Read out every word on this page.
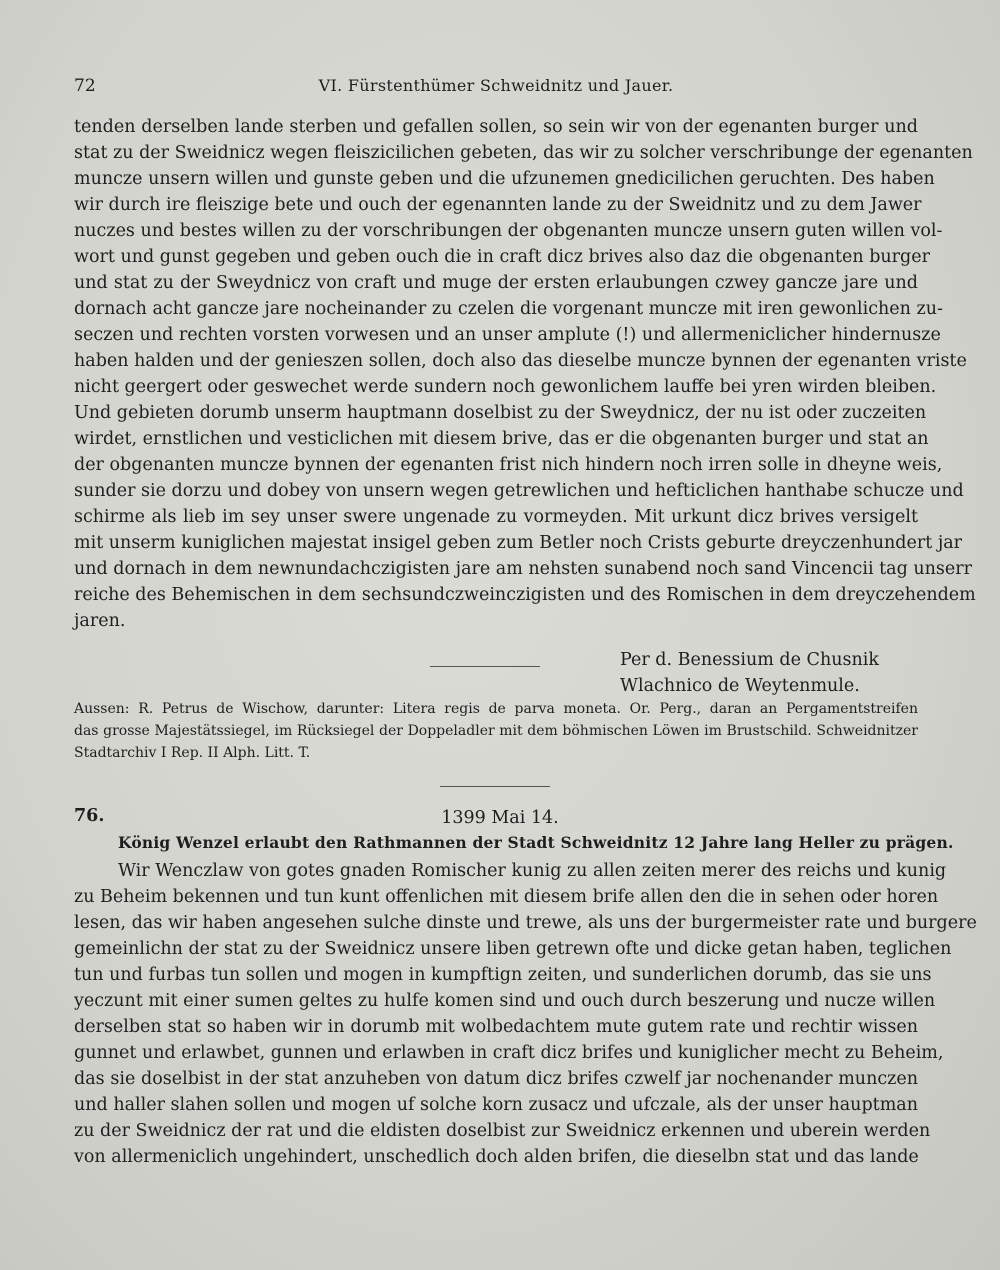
72	VI. Fürstenthümer Schweidnitz und Jauer.
tenden derselben lande sterben und gefallen sollen, so sein wir von der egenanten burger und
stat zu der Sweidnicz wegen fleiszicilichen gebeten, das wir zu solcher verschribunge der egenanten
muncze unsern willen und gunste geben und die ufzunemen gnedicilichen geruchten. Des haben
wir durch ire fleiszige bete und ouch der egenannten lande zu der Sweidnitz und zu dem Jawer
nuczes und bestes willen zu der vorschribungen der obgenanten muncze unsern guten willen vol-
wort und gunst gegeben und geben ouch die in craft dicz brives also daz die obgenanten burger
und stat zu der Sweydnicz von craft und muge der ersten erlaubungen czwey gancze jare und
dornach acht gancze jare nocheinander zu czelen die vorgenant muncze mit iren gewonlichen zu-
seczen und rechten vorsten vorwesen und an unser amplute (!) und allermeniclicher hindernusze
haben halden und der genieszen sollen, doch also das dieselbe muncze bynnen der egenanten vriste
nicht geergert oder geswechet werde sundern noch gewonlichem lauffe bei yren wirden bleiben.
Und gebieten dorumb unserm hauptmann doselbist zu der Sweydnicz, der nu ist oder zuczeiten
wirdet, ernstlichen und vesticlichen mit diesem brive, das er die obgenanten burger und stat an
der obgenanten muncze bynnen der egenanten frist nich hindern noch irren solle in dheyne weis,
sunder sie dorzu und dobey von unsern wegen getrewlichen und hefticlichen hanthabe schucze und
schirme als lieb im sey unser swere ungenade zu vormeyden. Mit urkunt dicz brives versigelt
mit unserm kuniglichen majestat insigel geben zum Betler noch Crists geburte dreyczenhundert jar
und dornach in dem newnundachczigisten jare am nehsten sunabend noch sand Vincencii tag unserr
reiche des Behemischen in dem sechsundczweinczigisten und des Romischen in dem dreyczehendem
jaren.
Per d. Benessium de Chusnik
Wlachnico de Weytenmule.
Aussen: R. Petrus de Wischow, darunter: Litera regis de parva moneta. Or. Perg., daran an Pergamentstreifen
das grosse Majestätssiegel, im Rücksiegel der Doppeladler mit dem böhmischen Löwen im Brustschild. Schweidnitzer
Stadtarchiv I Rep. II Alph. Litt. T.
76.	1399 Mai 14.
König Wenzel erlaubt den Rathmannen der Stadt Schweidnitz 12 Jahre lang Heller zu prägen.
Wir Wenczlaw von gotes gnaden Romischer kunig zu allen zeiten merer des reichs und kunig
zu Beheim bekennen und tun kunt offenlichen mit diesem brife allen den die in sehen oder horen
lesen, das wir haben angesehen sulche dinste und trewe, als uns der burgermeister rate und burgere
gemeinlichn der stat zu der Sweidnicz unsere liben getrewn ofte und dicke getan haben, teglichen
tun und furbas tun sollen und mogen in kumpftign zeiten, und sunderlichen dorumb, das sie uns
yeczunt mit einer sumen geltes zu hulfe komen sind und ouch durch beszerung und nucze willen
derselben stat so haben wir in dorumb mit wolbedachtem mute gutem rate und rechtir wissen
gunnet und erlawbet, gunnen und erlawben in craft dicz brifes und kuniglicher mecht zu Beheim,
das sie doselbist in der stat anzuheben von datum dicz brifes czwelf jar nochenander munczen
und haller slahen sollen und mogen uf solche korn zusacz und ufczale, als der unser hauptman
zu der Sweidnicz der rat und die eldisten doselbist zur Sweidnicz erkennen und uberein werden
von allermeniclich ungehindert, unschedlich doch alden brifen, die dieselbn stat und das lande
